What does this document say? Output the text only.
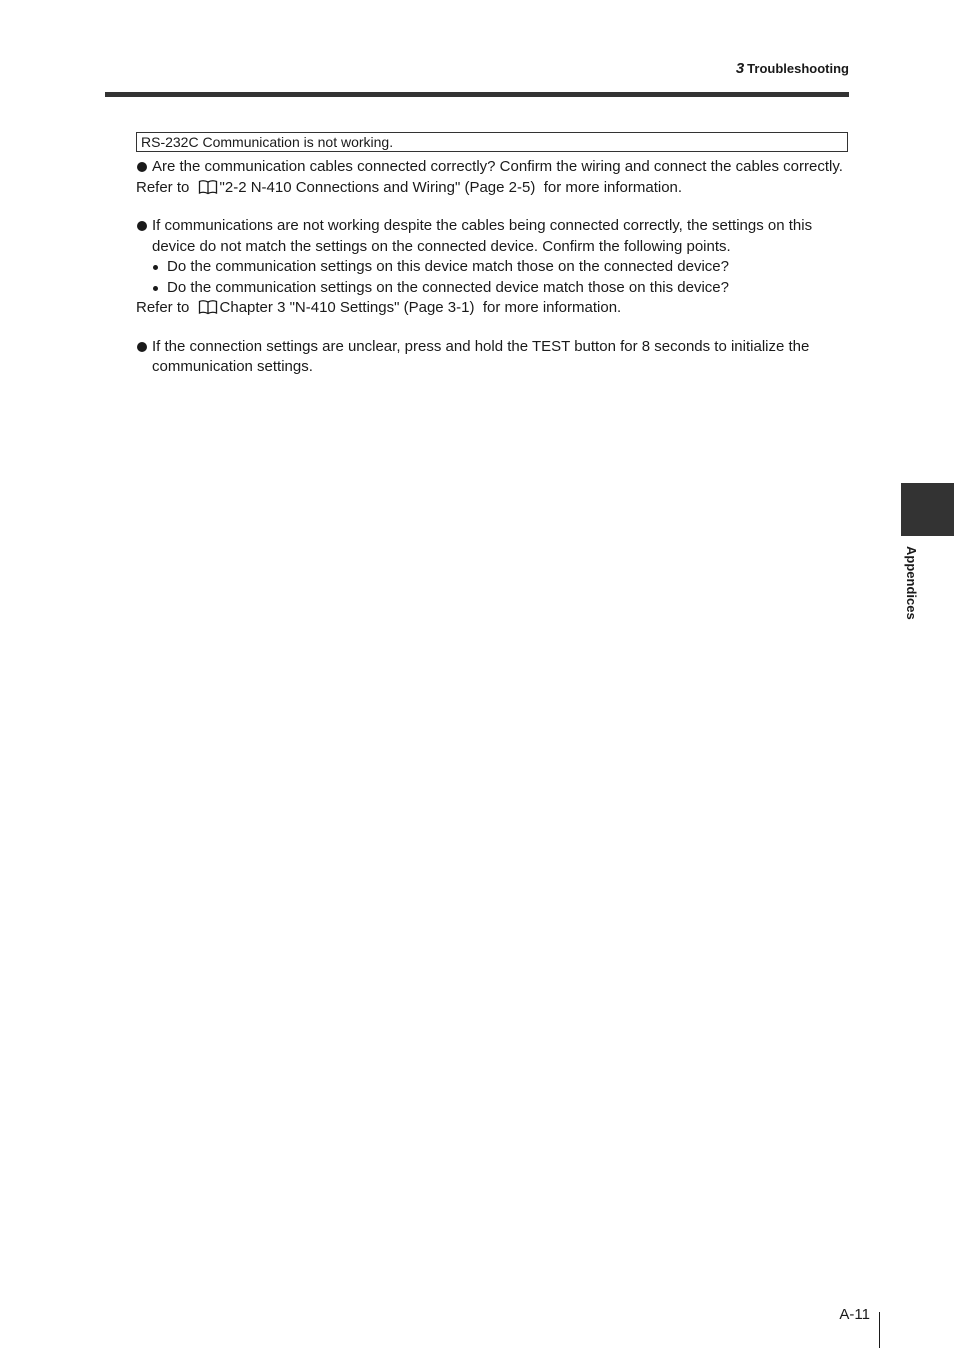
3 Troubleshooting
RS-232C Communication is not working.
Are the communication cables connected correctly? Confirm the wiring and connect the cables correctly.

Refer to "2-2 N-410 Connections and Wiring" (Page 2-5) for more information.

If communications are not working despite the cables being connected correctly, the settings on this device do not match the settings on the connected device. Confirm the following points.
Do the communication settings on this device match those on the connected device?
Do the communication settings on the connected device match those on this device?

Refer to Chapter 3 "N-410 Settings" (Page 3-1) for more information.

If the connection settings are unclear, press and hold the TEST button for 8 seconds to initialize the communication settings.
Appendices
A-11
